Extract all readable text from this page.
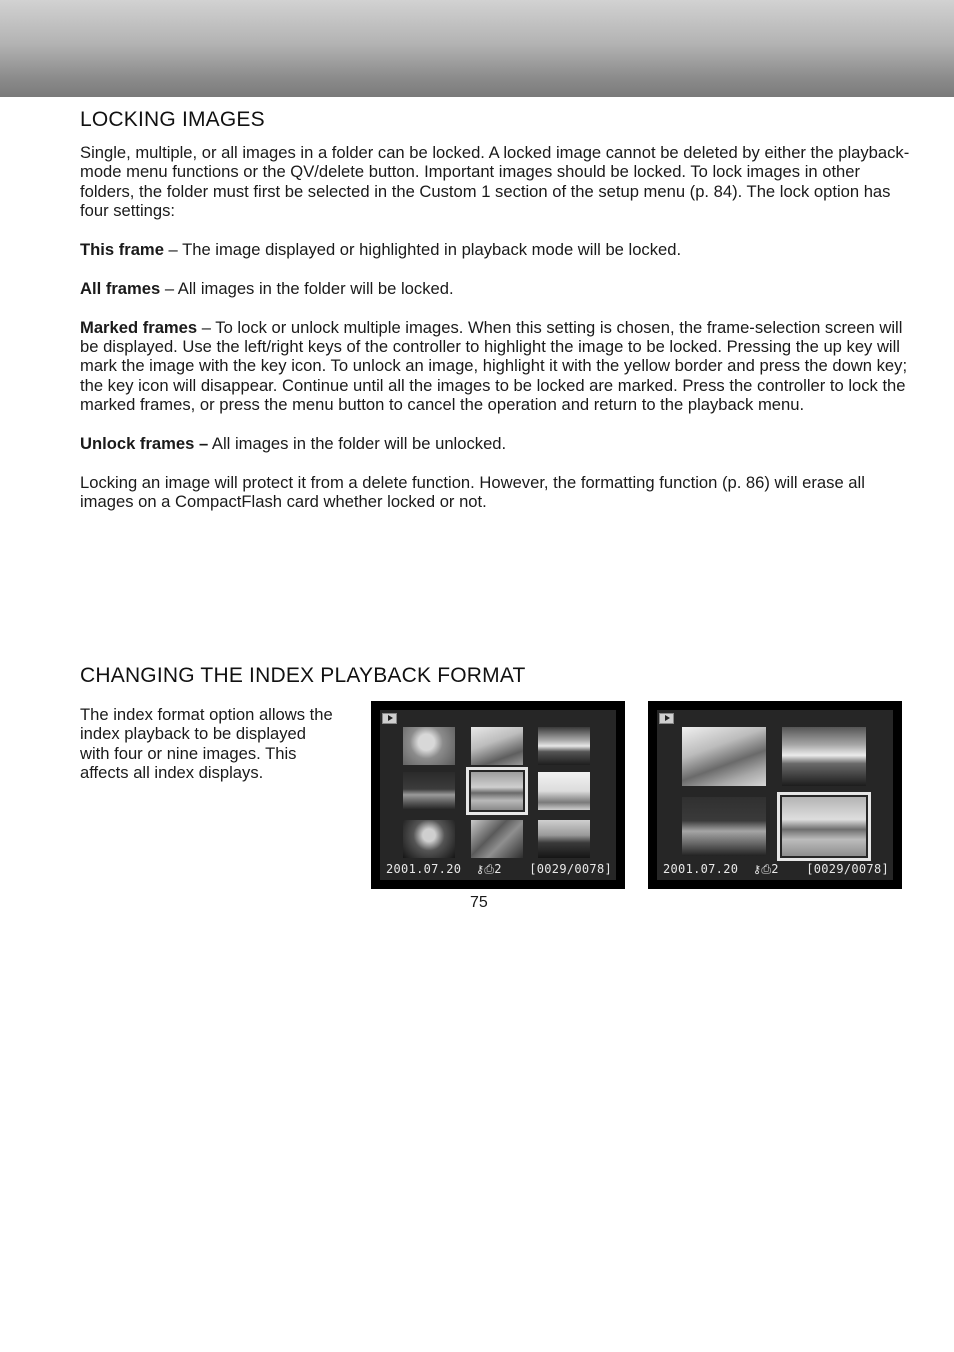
LOCKING IMAGES

Single, multiple, or all images in a folder can be locked. A locked image cannot be deleted by either the playback-mode menu functions or the QV/delete button. Important images should be locked. To lock images in other folders, the folder must first be selected in the Custom 1 section of the setup menu (p. 84). The lock option has four settings:

This frame – The image displayed or highlighted in playback mode will be locked.

All frames – All images in the folder will be locked.

Marked frames – To lock or unlock multiple images. When this setting is chosen, the frame-selection screen will be displayed. Use the left/right keys of the controller to highlight the image to be locked. Pressing the up key will mark the image with the key icon. To unlock an image, highlight it with the yellow border and press the down key; the key icon will disappear. Continue until all the images to be locked are marked. Press the controller to lock the marked frames, or press the menu button to cancel the operation and return to the playback menu.

Unlock frames – All images in the folder will be unlocked.

Locking an image will protect it from a delete function. However, the formatting function (p. 86) will erase all images on a CompactFlash card whether locked or not.

CHANGING THE INDEX PLAYBACK FORMAT

The index format option allows the index playback to be displayed with four or nine images. This affects all index displays.

2001.07.20 ⚷⎙2 [0029/0078]	2001.07.20 ⚷⎙2 [0029/0078]
75
